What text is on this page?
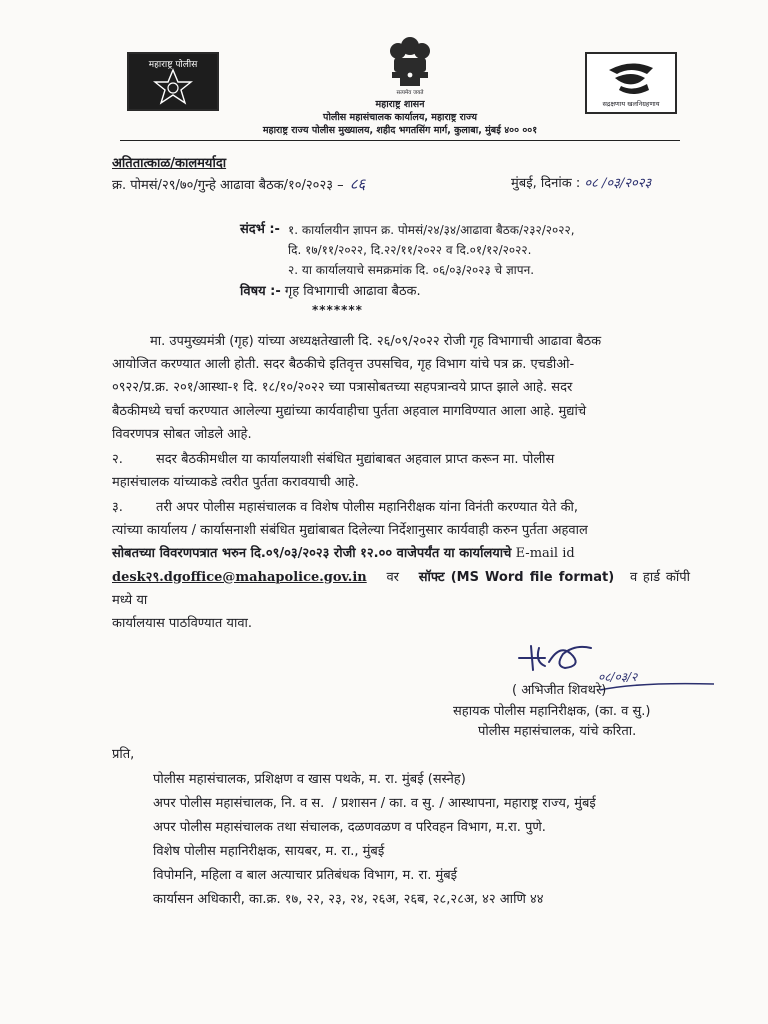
महाराष्ट्र पोलीस
सत्यमेव जयते
सद्रक्षणाय खलनिग्रहणाय
महाराष्ट्र शासन
पोलीस महासंचालक कार्यालय, महाराष्ट्र राज्य
महाराष्ट्र राज्य पोलीस मुख्यालय, शहीद भगतसिंग मार्ग, कुलाबा, मुंबई ४०० ००१
अतितात्काळ/कालमर्यादा
क्र. पोमसं/२९/७०/गुन्हे आढावा बैठक/१०/२०२३ – ८६	मुंबई, दिनांक : ०८ /०३/२०२३
संदर्भ :- १. कार्यालयीन ज्ञापन क्र. पोमसं/२४/३४/आढावा बैठक/२३२/२०२२,
दि. १७/११/२०२२, दि.२२/११/२०२२ व दि.०१/१२/२०२२.
२. या कार्यालयाचे समक्रमांक दि. ०६/०३/२०२३ चे ज्ञापन.
विषय :- गृह विभागाची आढावा बैठक.
*******
मा. उपमुख्यमंत्री (गृह) यांच्या अध्यक्षतेखाली दि. २६/०९/२०२२ रोजी गृह विभागाची आढावा बैठक
आयोजित करण्यात आली होती. सदर बैठकीचे इतिवृत्त उपसचिव, गृह विभाग यांचे पत्र क्र. एचडीओ-
०९२२/प्र.क्र. २०१/आस्था-१ दि. १८/१०/२०२२ च्या पत्रासोबतच्या सहपत्रान्वये प्राप्त झाले आहे. सदर
बैठकीमध्ये चर्चा करण्यात आलेल्या मुद्यांच्या कार्यवाहीचा पुर्तता अहवाल मागविण्यात आला आहे. मुद्यांचे
विवरणपत्र सोबत जोडले आहे.
२.        सदर बैठकीमधील या कार्यालयाशी संबंधित मुद्यांबाबत अहवाल प्राप्त करून मा. पोलीस
महासंचालक यांच्याकडे त्वरीत पुर्तता करावयाची आहे.
३.        तरी अपर पोलीस महासंचालक व विशेष पोलीस महानिरीक्षक यांना विनंती करण्यात येते की,
त्यांच्या कार्यालय / कार्यासनाशी संबंधित मुद्यांबाबत दिलेल्या निर्देशानुसार कार्यवाही करुन पुर्तता अहवाल
सोबतच्या विवरणपत्रात भरुन दि.०९/०३/२०२३ रोजी १२.०० वाजेपर्यंत या कार्यालयाचे E-mail id
desk२९.dgoffice@mahapolice.gov.in वर सॉफ्ट (MS Word file format) व हार्ड कॉपी मध्ये या
कार्यालयास पाठविण्यात यावा.
०८/०३/२
( अभिजीत शिवथरे)
सहायक पोलीस महानिरीक्षक, (का. व सु.)
पोलीस महासंचालक, यांचे करिता.
प्रति,
पोलीस महासंचालक, प्रशिक्षण व खास पथके, म. रा. मुंबई (सस्नेह)
अपर पोलीस महासंचालक, नि. व स.  / प्रशासन / का. व सु. / आस्थापना, महाराष्ट्र राज्य, मुंबई
अपर पोलीस महासंचालक तथा संचालक, दळणवळण व परिवहन विभाग, म.रा. पुणे.
विशेष पोलीस महानिरीक्षक, सायबर, म. रा., मुंबई
विपोमनि, महिला व बाल अत्याचार प्रतिबंधक विभाग, म. रा. मुंबई
कार्यासन अधिकारी, का.क्र. १७, २२, २३, २४, २६अ, २६ब, २८,२८अ, ४२ आणि ४४
